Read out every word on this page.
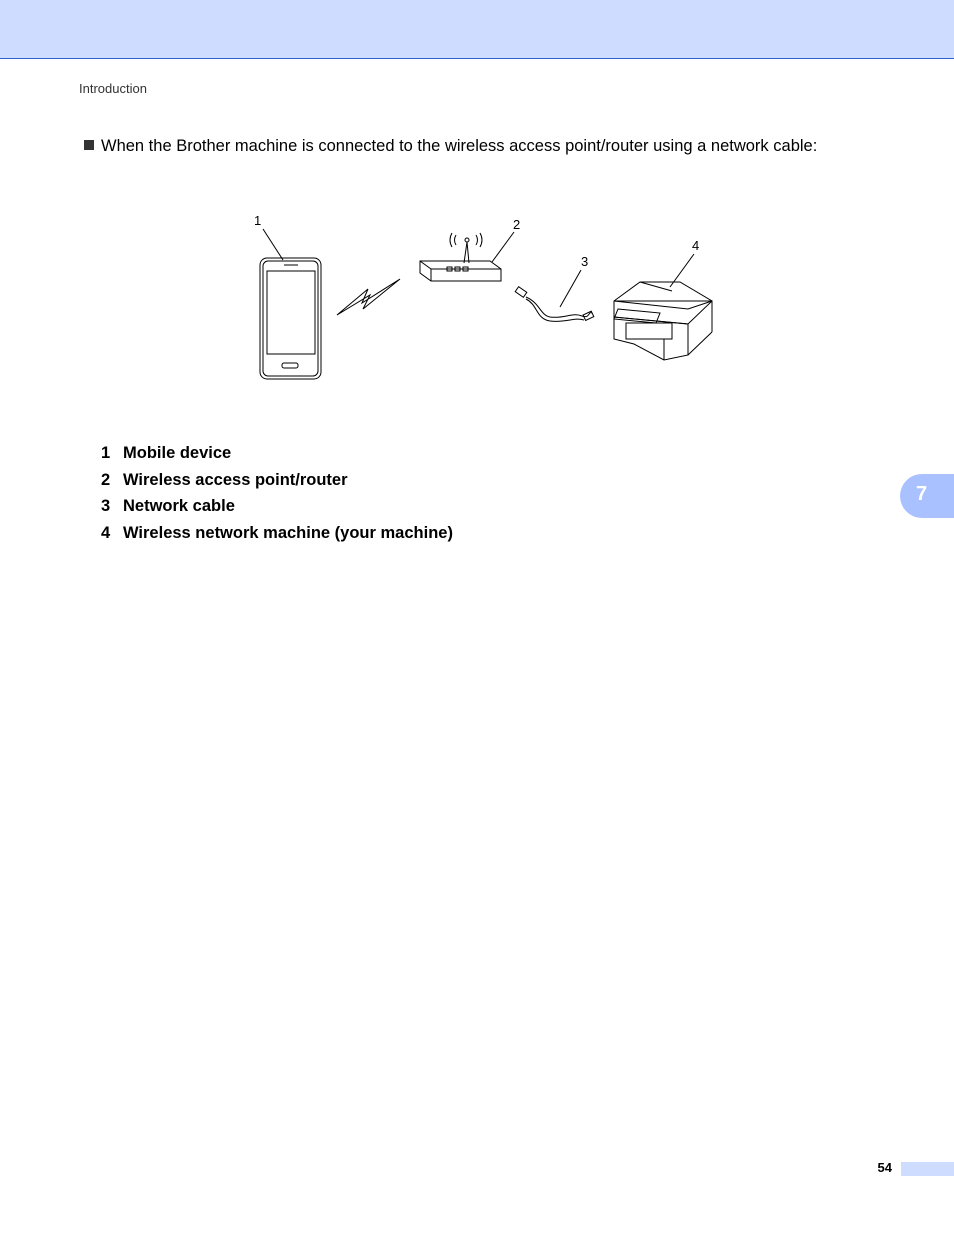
Introduction
When the Brother machine is connected to the wireless access point/router using a network cable:
1	2
3
4
1 Mobile device
2 Wireless access point/router
3 Network cable
4 Wireless network machine (your machine)
7
54
